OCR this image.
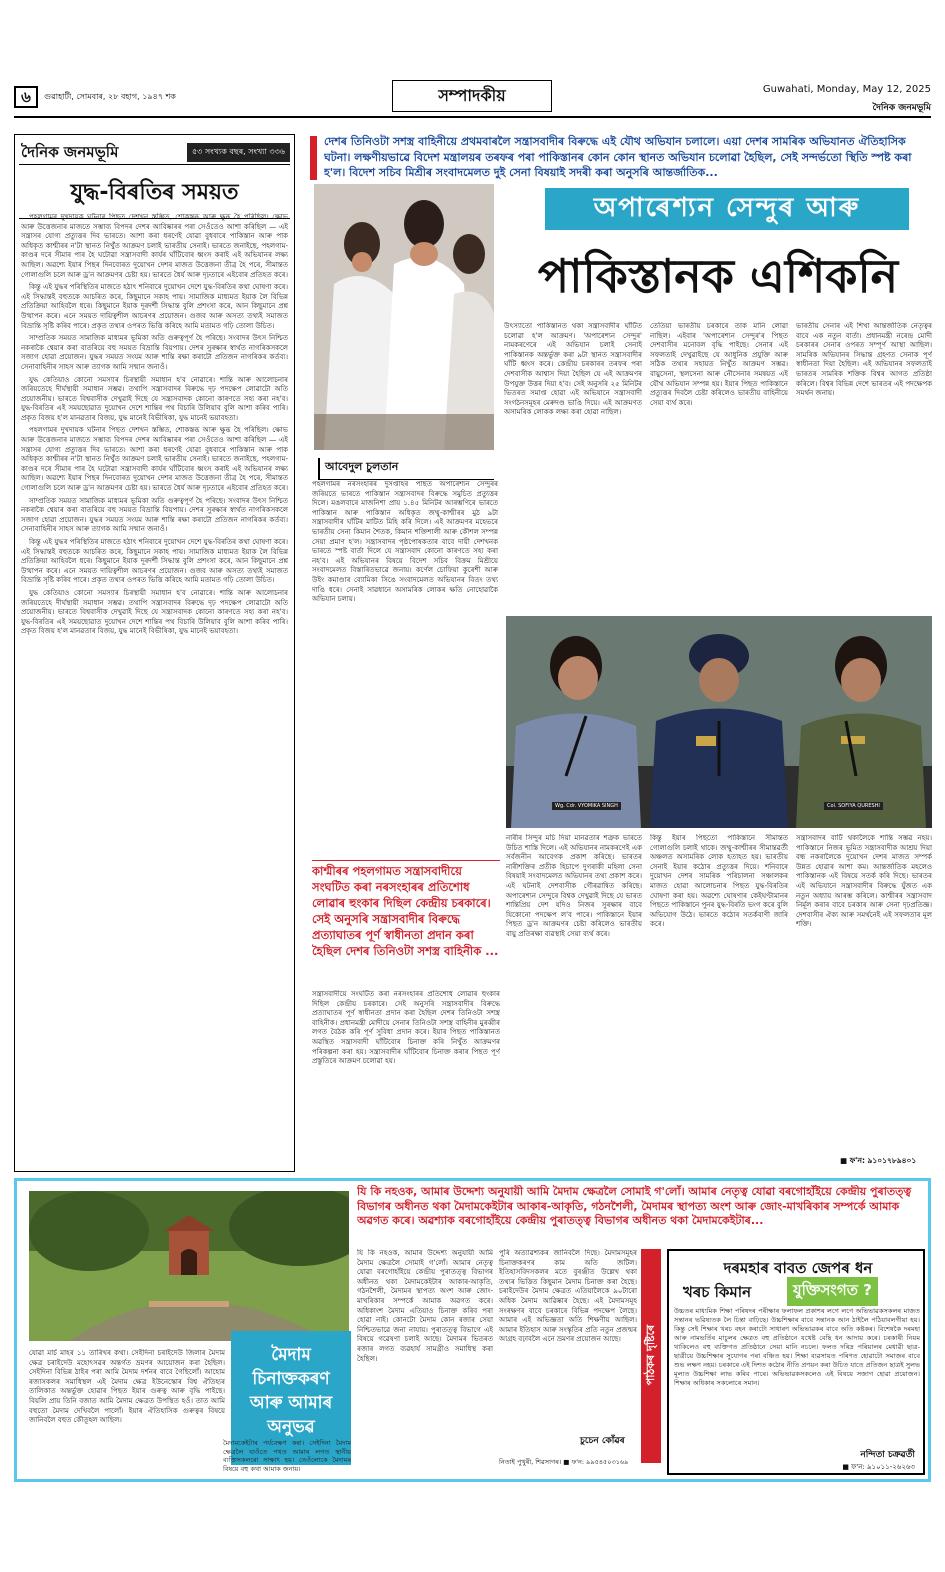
৬	গুৱাহাটী, সোমবাৰ, ২৮ বহাগ, ১৯৪৭ শক	সম্পাদকীয়	Guwahati, Monday, May 12, 2025
দৈনিক জনমভূমি
দৈনিক জনমভূমি	৫৩ সংখ্যক বছৰ, সংখ্যা ৩৩৬
যুদ্ধ-বিৰতিৰ সময়ত

পহলগামৰ দুখদায়ক ঘটনাৰ পিছত দেশখন স্তম্ভিত, শোকস্তব্ধ আৰু ক্ষুব্ধ হৈ পৰিছিল। ক্ষোভ আৰু উত্তেজনাৰ মাজতে সম্ভাব্য বিপদৰ দেশৰ আবিষ্কাৰৰ পৰা সেওঁতেও আশা কৰিছিল — এই সন্ত্ৰাসৰ যোগ্য প্ৰত্যুত্তৰ দিব ভাৰতে। আশা কৰা ধৰণেই যোৱা বুধবাৰে পাকিস্তান আৰু পাক অধিকৃত কাশ্মীৰৰ ন'টা স্থানত নিৰ্খুঁত আক্ৰমণ চলাই ভাৰতীয় সেনাই। ভাৰতে জনাইছে, পহলগাম-কাণ্ডৰ দৰে সীমাৰ পাৰ হৈ ঘটোৱা সন্ত্ৰাসবাদী কাৰ্যৰ ঘাঁটিবোৰ ধ্বংস কৰাই এই অভিযানৰ লক্ষ্য আছিল। অৱশ্যে ইয়াৰ পিছৰ দিনবোৰত দুয়োখন দেশৰ মাজত উত্তেজনা তীব্ৰ হৈ পৰে, সীমান্তত গোলাগুলি চলে আৰু ড্ৰ'ন আক্ৰমণৰ চেষ্টা হয়। ভাৰতে ধৈৰ্য আৰু দৃঢ়তাৰে এইবোৰ প্ৰতিহত কৰে।

কিন্তু এই যুদ্ধৰ পৰিস্থিতিৰ মাজতে হঠাৎ শনিবাৰে দুয়োখন দেশে যুদ্ধ-বিৰতিৰ কথা ঘোষণা কৰে। এই সিদ্ধান্তই বহুতকে আচৰিত কৰে, কিছুমানে সকাহ পায়। সামাজিক মাধ্যমত ইয়াক লৈ বিভিন্ন প্ৰতিক্ৰিয়া আহিবলৈ ধৰে। কিছুমানে ইয়াক দূৰদৰ্শী সিদ্ধান্ত বুলি প্ৰশংসা কৰে, আন কিছুমানে প্ৰশ্ন উত্থাপন কৰে। এনে সময়ত দায়িত্বশীল আচৰণৰ প্ৰয়োজন। গুজব আৰু অসত্য তথ্যই সমাজত বিভ্ৰান্তি সৃষ্টি কৰিব পাৰে। প্ৰকৃত তথ্যৰ ওপৰত ভিত্তি কৰিহে আমি মতামত গঢ়ি তোলা উচিত।

সাম্প্ৰতিক সময়ত সামাজিক মাধ্যমৰ ভূমিকা অতি গুৰুত্বপূৰ্ণ হৈ পৰিছে। সংবাদৰ উৎস নিশ্চিত নকৰাকৈ শ্বেয়াৰ কৰা বাতৰিয়ে বহু সময়ত বিভ্ৰান্তি বিয়পায়। দেশৰ সুৰক্ষাৰ স্বাৰ্থত নাগৰিকসকলে সজাগ হোৱা প্ৰয়োজন। যুদ্ধৰ সময়ত সংযম আৰু শান্তি ৰক্ষা কৰাটো প্ৰতিজন নাগৰিকৰ কৰ্তব্য। সেনাবাহিনীৰ সাহস আৰু ত্যাগক আমি সন্মান জনাওঁ।

যুদ্ধ কেতিয়াও কোনো সমস্যাৰ চিৰস্থায়ী সমাধান হ'ব নোৱাৰে। শান্তি আৰু আলোচনাৰ জৰিয়তেহে দীৰ্ঘস্থায়ী সমাধান সম্ভৱ। তথাপি সন্ত্ৰাসবাদৰ বিৰুদ্ধে দৃঢ় পদক্ষেপ লোৱাটো অতি প্ৰয়োজনীয়। ভাৰতে বিশ্ববাসীক দেখুৱাই দিছে যে সন্ত্ৰাসবাদক কোনো কাৰণতে সহ্য কৰা নহ'ব। যুদ্ধ-বিৰতিৰ এই সময়ছোৱাত দুয়োখন দেশে শান্তিৰ পথ বিচাৰি উলিয়াব বুলি আশা কৰিব পাৰি। প্ৰকৃত বিজয় হ'ল মানৱতাৰ বিজয়, যুদ্ধ মানেই বিভীষিকা, যুদ্ধ মানেই ভয়াবহতা।

পহলগামৰ দুখদায়ক ঘটনাৰ পিছত দেশখন স্তম্ভিত, শোকস্তব্ধ আৰু ক্ষুব্ধ হৈ পৰিছিল। ক্ষোভ আৰু উত্তেজনাৰ মাজতে সম্ভাব্য বিপদৰ দেশৰ আবিষ্কাৰৰ পৰা সেওঁতেও আশা কৰিছিল — এই সন্ত্ৰাসৰ যোগ্য প্ৰত্যুত্তৰ দিব ভাৰতে। আশা কৰা ধৰণেই যোৱা বুধবাৰে পাকিস্তান আৰু পাক অধিকৃত কাশ্মীৰৰ ন'টা স্থানত নিৰ্খুঁত আক্ৰমণ চলাই ভাৰতীয় সেনাই। ভাৰতে জনাইছে, পহলগাম-কাণ্ডৰ দৰে সীমাৰ পাৰ হৈ ঘটোৱা সন্ত্ৰাসবাদী কাৰ্যৰ ঘাঁটিবোৰ ধ্বংস কৰাই এই অভিযানৰ লক্ষ্য আছিল। অৱশ্যে ইয়াৰ পিছৰ দিনবোৰত দুয়োখন দেশৰ মাজত উত্তেজনা তীব্ৰ হৈ পৰে, সীমান্তত গোলাগুলি চলে আৰু ড্ৰ'ন আক্ৰমণৰ চেষ্টা হয়। ভাৰতে ধৈৰ্য আৰু দৃঢ়তাৰে এইবোৰ প্ৰতিহত কৰে।

সাম্প্ৰতিক সময়ত সামাজিক মাধ্যমৰ ভূমিকা অতি গুৰুত্বপূৰ্ণ হৈ পৰিছে। সংবাদৰ উৎস নিশ্চিত নকৰাকৈ শ্বেয়াৰ কৰা বাতৰিয়ে বহু সময়ত বিভ্ৰান্তি বিয়পায়। দেশৰ সুৰক্ষাৰ স্বাৰ্থত নাগৰিকসকলে সজাগ হোৱা প্ৰয়োজন। যুদ্ধৰ সময়ত সংযম আৰু শান্তি ৰক্ষা কৰাটো প্ৰতিজন নাগৰিকৰ কৰ্তব্য। সেনাবাহিনীৰ সাহস আৰু ত্যাগক আমি সন্মান জনাওঁ।

কিন্তু এই যুদ্ধৰ পৰিস্থিতিৰ মাজতে হঠাৎ শনিবাৰে দুয়োখন দেশে যুদ্ধ-বিৰতিৰ কথা ঘোষণা কৰে। এই সিদ্ধান্তই বহুতকে আচৰিত কৰে, কিছুমানে সকাহ পায়। সামাজিক মাধ্যমত ইয়াক লৈ বিভিন্ন প্ৰতিক্ৰিয়া আহিবলৈ ধৰে। কিছুমানে ইয়াক দূৰদৰ্শী সিদ্ধান্ত বুলি প্ৰশংসা কৰে, আন কিছুমানে প্ৰশ্ন উত্থাপন কৰে। এনে সময়ত দায়িত্বশীল আচৰণৰ প্ৰয়োজন। গুজব আৰু অসত্য তথ্যই সমাজত বিভ্ৰান্তি সৃষ্টি কৰিব পাৰে। প্ৰকৃত তথ্যৰ ওপৰত ভিত্তি কৰিহে আমি মতামত গঢ়ি তোলা উচিত।

যুদ্ধ কেতিয়াও কোনো সমস্যাৰ চিৰস্থায়ী সমাধান হ'ব নোৱাৰে। শান্তি আৰু আলোচনাৰ জৰিয়তেহে দীৰ্ঘস্থায়ী সমাধান সম্ভৱ। তথাপি সন্ত্ৰাসবাদৰ বিৰুদ্ধে দৃঢ় পদক্ষেপ লোৱাটো অতি প্ৰয়োজনীয়। ভাৰতে বিশ্ববাসীক দেখুৱাই দিছে যে সন্ত্ৰাসবাদক কোনো কাৰণতে সহ্য কৰা নহ'ব। যুদ্ধ-বিৰতিৰ এই সময়ছোৱাত দুয়োখন দেশে শান্তিৰ পথ বিচাৰি উলিয়াব বুলি আশা কৰিব পাৰি। প্ৰকৃত বিজয় হ'ল মানৱতাৰ বিজয়, যুদ্ধ মানেই বিভীষিকা, যুদ্ধ মানেই ভয়াবহতা।

দেশৰ তিনিওটা সশস্ত্ৰ বাহিনীয়ে প্ৰথমবাৰলৈ সন্ত্ৰাসবাদীৰ বিৰুদ্ধে এই যৌথ অভিযান চলালে। এয়া দেশৰ সামৰিক অভিযানত ঐতিহাসিক ঘটনা। লক্ষণীয়ভাৱে বিদেশ মন্ত্ৰালয়ৰ তৰফৰ পৰা পাকিস্তানৰ কোন কোন স্থানত অভিযান চলোৱা হৈছিল, সেই সন্দৰ্ভতো স্থিতি স্পষ্ট কৰা হ'ল। বিদেশ সচিব মিশ্ৰীৰ সংবাদমেলত দুই সেনা বিষয়াই সদৰী কৰা অনুসৰি আন্তৰ্জাতিক...
অপাৰেশ্যন সেন্দুৰ আৰু
পাকিস্তানক এশিকনি
উৎস্যাতো পাকিস্তানত থকা সন্ত্ৰাসবাদীৰ ঘাঁটিত চলোৱা হ'ল আক্ৰমণ। 'অপাৰেশ্যন সেন্দুৰ' নামকৰণেৰে এই অভিযান চলাই সেনাই পাকিস্তানক অন্তৰ্ভুক্ত কৰা ৯টা স্থানত সন্ত্ৰাসবাদীৰ ঘাঁটি ধ্বংস কৰে। কেন্দ্ৰীয় চৰকাৰৰ তৰফৰ পৰা দেশবাসীক আশ্বাস দিয়া হৈছিল যে এই আক্ৰমণৰ উপযুক্ত উত্তৰ দিয়া হ'ব। সেই অনুসৰি ২৫ মিনিটৰ ভিতৰত সমাপ্ত হোৱা এই অভিযানে সন্ত্ৰাসবাদী সংগঠনসমূহৰ মেৰুদণ্ড ভাঙি দিয়ে। এই আক্ৰমণত অসামৰিক লোকক লক্ষ্য কৰা হোৱা নাছিল।
তেতিয়া ভাৰতীয় চৰকাৰে তাক মানি লোৱা নাছিল। এইবাৰ 'অপাৰেশ্যন সেন্দুৰ'ৰ পিছত দেশবাসীৰ মনোবল বৃদ্ধি পাইছে। সেনাৰ এই সফলতাই দেখুৱাইছে যে আধুনিক প্ৰযুক্তি আৰু সঠিক তথ্যৰ সহায়ত নিৰ্খুঁত আক্ৰমণ সম্ভৱ। বায়ুসেনা, স্থলসেনা আৰু নৌসেনাৰ সমন্বয়ত এই যৌথ অভিযান সম্পন্ন হয়। ইয়াৰ পিছত পাকিস্তানে প্ৰত্যুত্তৰ দিবলৈ চেষ্টা কৰিলেও ভাৰতীয় বাহিনীয়ে সেয়া ব্যৰ্থ কৰে।
ভাৰতীয় সেনাৰ এই শিখা আন্তৰ্জাতিক নেতৃত্বৰ বাবে এক নতুন বাৰ্তা। প্ৰধানমন্ত্ৰী নৰেন্দ্ৰ মোদী চৰকাৰৰ সেনাৰ ওপৰত সম্পূৰ্ণ আস্থা আছিল। সামৰিক অভিযানৰ সিদ্ধান্ত গ্ৰহণত সেনাক পূৰ্ণ স্বাধীনতা দিয়া হৈছিল। এই অভিযানৰ সফলতাই ভাৰতৰ সামৰিক শক্তিক বিশ্বৰ আগত প্ৰতিষ্ঠা কৰিলে। বিশ্বৰ বিভিন্ন দেশে ভাৰতৰ এই পদক্ষেপক সমৰ্থন জনায়।
আবেদুল চুলতান
পহলগামৰ নৰসংহাৰৰ দুসপ্তাহৰ পাছত অপাৰেশ্যন সেন্দুৰৰ জৰিয়তে ভাৰতে পাকিস্তান সন্ত্ৰাসবাদৰ বিৰুদ্ধে সমুচিত প্ৰত্যুত্তৰ দিলে। মঙলবাৰে মাজনিশা প্ৰায় ১.৪৫ মিনিটৰ আৰম্ভণিৰে ভাৰতে পাকিস্তান আৰু পাকিস্তান অধিকৃত জম্মু-কাশ্মীৰৰ মুঠ ৯টা সন্ত্ৰাসবাদীৰ ঘাঁটিৰ মাটিত মিহি কৰি দিলে। এই আক্ৰমণৰ মহেভৰে ভাৰতীয় সেনা কিমান শৈতক, কিমান শক্তিশালী আৰু কৌশল সম্পন্ন সেয়া প্ৰমাণ হ'ল। সন্ত্ৰাসবাদৰ পৃষ্ঠপোষকতাৰ বাবে দায়ী দেশখনক ভাৰতে স্পষ্ট বাৰ্তা দিলে যে সন্ত্ৰাসবাদ কোনো কাৰণতে সহ্য কৰা নহ'ব। এই অভিযানৰ বিষয়ে বিদেশ সচিব বিক্ৰম মিশ্ৰীয়ে সংবাদমেলত বিস্তাৰিতভাৱে জনায়। কৰ্ণেল চোফিয়া কুৰেশী আৰু উইং কমাণ্ডাৰ ব্যোমিকা সিঙে সংবাদমেলত অভিযানৰ বিতং তথ্য দাঙি ধৰে। সেনাই সাৱধানে অসামৰিক লোকৰ ক্ষতি নোহোৱাকৈ অভিযান চলায়।
Wg. Cdr. VYOMIKA SINGH	Col. SOFIYA QURESHI
কাশ্মীৰৰ পহলগামত সন্ত্ৰাসবাদীয়ে সংঘটিত কৰা নৰসংহাৰৰ প্ৰতিশোধ লোৱাৰ হুংকাৰ দিছিল কেন্দ্ৰীয় চৰকাৰে। সেই অনুসৰি সন্ত্ৰাসবাদীৰ বিৰুদ্ধে প্ৰত্যাঘাতৰ পূৰ্ণ স্বাধীনতা প্ৰদান কৰা হৈছিল দেশৰ তিনিওটা সশস্ত্ৰ বাহিনীক ...
সন্ত্ৰাসবাদীয়ে সংঘটিত কৰা নৰসংহাৰৰ প্ৰতিশোধ লোৱাৰ হুংকাৰ দিছিল কেন্দ্ৰীয় চৰকাৰে। সেই অনুসৰি সন্ত্ৰাসবাদীৰ বিৰুদ্ধে প্ৰত্যাঘাতৰ পূৰ্ণ স্বাধীনতা প্ৰদান কৰা হৈছিল দেশৰ তিনিওটা সশস্ত্ৰ বাহিনীক। প্ৰধানমন্ত্ৰী মোদীয়ে সেনাৰ তিনিওটা সশস্ত্ৰ বাহিনীৰ মুৰব্বীৰ লগত বৈঠক কৰি পূৰ্ণ সুবিধা প্ৰদান কৰে। ইয়াৰ পিছত পাকিস্তানত অৱস্থিত সন্ত্ৰাসবাদী ঘাঁটিবোৰ চিনাক্ত কৰি নিৰ্খুঁত আক্ৰমণৰ পৰিকল্পনা কৰা হয়। সন্ত্ৰাসবাদীৰ ঘাঁটিবোৰ চিনাক্ত কৰাৰ পিছত পূৰ্ণ প্ৰস্তুতিৰে আক্ৰমণ চলোৱা হয়।
নাৰীৰ সিন্দুৰ মচি দিয়া মানৱতাৰ শত্ৰুক ভাৰতে উচিত শাস্তি দিলে। এই অভিযানৰ নামকৰণেই এক সৰ্বজনীন আবেগক প্ৰকাশ কৰিছে। ভাৰতৰ নাৰীশক্তিৰ প্ৰতীক হিচাপে দুগৰাকী মহিলা সেনা বিষয়াই সংবাদমেলত অভিযানৰ তথ্য প্ৰকাশ কৰে। এই ঘটনাই দেশবাসীক গৌৰৱান্বিত কৰিছে। অপাৰেশ্যন সেন্দুৰে বিশ্বক দেখুৱাই দিছে যে ভাৰত শান্তিপ্ৰিয় দেশ যদিও নিজৰ সুৰক্ষাৰ বাবে যিকোনো পদক্ষেপ ল'ব পাৰে। পাকিস্তানে ইয়াৰ পিছত ড্ৰ'ন আক্ৰমণৰ চেষ্টা কৰিলেও ভাৰতীয় বায়ু প্ৰতিৰক্ষা ব্যৱস্থাই সেয়া ব্যৰ্থ কৰে।
কিন্তু ইয়াৰ পিছতো পাকিস্তানে সীমান্তত গোলাগুলি চলাই থাকে। জম্মু-কাশ্মীৰৰ সীমান্তৱৰ্তী অঞ্চলত অসামৰিক লোক হতাহত হয়। ভাৰতীয় সেনাই ইয়াৰ কঠোৰ প্ৰত্যুত্তৰ দিয়ে। শনিবাৰে দুয়োখন দেশৰ সামৰিক পৰিচালনা সঞ্চালকৰ মাজত হোৱা আলোচনাৰ পিছত যুদ্ধ-বিৰতিৰ ঘোষণা কৰা হয়। অৱশ্যে ঘোষণাৰ কেইঘণ্টামানৰ পিছতে পাকিস্তানে পুনৰ যুদ্ধ-বিৰতি ভংগ কৰে বুলি অভিযোগ উঠে। ভাৰতে কঠোৰ সতৰ্কবাণী জাৰি কৰে।
সন্ত্ৰাসবাদৰ বাটি থকালৈকে শান্তি সম্ভৱ নহয়। পাকিস্তানে নিজৰ ভূমিত সন্ত্ৰাসবাদীক আশ্ৰয় দিয়া বন্ধ নকৰালৈকে দুয়োখন দেশৰ মাজত সম্পৰ্ক উন্নত হোৱাৰ আশা কম। আন্তৰ্জাতিক মহলেও পাকিস্তানক এই বিষয়ে সতৰ্ক কৰি দিছে। ভাৰতৰ এই অভিযানে সন্ত্ৰাসবাদীৰ বিৰুদ্ধে যুঁজত এক নতুন অধ্যায় আৰম্ভ কৰিলে। কাশ্মীৰৰ সন্ত্ৰাসবাদ নিৰ্মূল কৰাৰ বাবে চৰকাৰ আৰু সেনা দৃঢ়প্ৰতিজ্ঞ। দেশবাসীৰ ঐক্য আৰু সমৰ্থনেই এই সফলতাৰ মূল শক্তি।
■ ফ'ন: ৯১০১৭৮৯৪০১
যি কি নহওক, আমাৰ উদ্দেশ্য অনুযায়ী আমি মৈদাম ক্ষেত্ৰলৈ সোমাই গ'লোঁ। আমাৰ নেতৃত্ব যোৱা বৰগোহাঁইয়ে কেন্দ্ৰীয় পুৰাতত্ত্ব বিভাগৰ অধীনত থকা মৈদামকেইটাৰ আকাৰ-আকৃতি, গঠনশৈলী, মৈদামৰ স্থাপত্য অংশ আৰু জোং-মাখৰিকাৰ সম্পৰ্কে আমাক অৱগত কৰে। অৱশ্যাক বৰগোহাঁইয়ে কেন্দ্ৰীয় পুৰাতত্ত্ব বিভাগৰ অধীনত থকা মৈদামকেইটাৰ...
মৈদাম চিনাক্তকৰণ আৰু আমাৰ অনুভৱ
যোৱা মাৰ্চ মাহৰ ১১ তাৰিখৰ কথা। সেইদিনা চৰাইদেউ জিলাৰ মৈদাম ক্ষেত্ৰ চৰাইদেউ মহোৎসৱৰ অন্তৰ্গত ভ্ৰমণৰ আয়োজন কৰা হৈছিল। সেইদিনা বিভিন্ন ঠাইৰ পৰা আমি মৈদাম দৰ্শনৰ বাবে গৈছিলোঁ। আহোম ৰজাসকলৰ সমাধিস্থল এই মৈদাম ক্ষেত্ৰ ইউনেস্কোৰ বিশ্ব ঐতিহ্যৰ তালিকাত অন্তৰ্ভুক্ত হোৱাৰ পিছত ইয়াৰ গুৰুত্ব আৰু বৃদ্ধি পাইছে। বিয়লি প্ৰায় তিনি বজাত আমি মৈদাম ক্ষেত্ৰত উপস্থিত হওঁ। তাত আমি বহুতো মৈদাম দেখিবলৈ পালোঁ। ইয়াৰ ঐতিহাসিক গুৰুত্বৰ বিষয়ে জানিবলৈ বহুত কৌতূহল আছিল।
মৈদামকেইটাৰ পৰ্যবেক্ষণ কৰা। সেইদিনা মৈদাম ক্ষেত্ৰলৈ যাওঁতে পথত আমাৰ লগত স্থানীয় ব্যক্তিসকলৰো সাক্ষাৎ হয়। তেওঁলোকে মৈদামৰ বিষয়ে বহু কথা আমাক জনায়।
যি কি নহওক, আমাৰ উদ্দেশ্য অনুযায়ী আমি মৈদাম ক্ষেত্ৰলৈ সোমাই গ'লোঁ। আমাৰ নেতৃত্ব যোৱা বৰগোহাঁইয়ে কেন্দ্ৰীয় পুৰাতত্ত্ব বিভাগৰ অধীনত থকা মৈদামকেইটাৰ আকাৰ-আকৃতি, গঠনশৈলী, মৈদামৰ স্থাপত্য অংশ আৰু জোং-মাখৰিকাৰ সম্পৰ্কে আমাক অৱগত কৰে। অধিকাংশ মৈদাম এতিয়াও চিনাক্ত কৰিব পৰা হোৱা নাই। কোনটো মৈদাম কোন ৰজাৰ সেয়া নিশ্চিতভাৱে জনা নাযায়। পুৰাতত্ত্ব বিভাগে এই বিষয়ে গৱেষণা চলাই আছে। মৈদামৰ ভিতৰত ৰজাৰ লগত ব্যৱহাৰ্য সামগ্ৰীও সমাধিস্থ কৰা হৈছিল।
পুৰি অত্যাৱশ্যকৰ জানিবলৈ দিছে। মৈদামসমূহৰ চিনাক্তকৰণৰ কাম অতি জটিল। ইতিহাসবিদসকলৰ মতে বুৰঞ্জীত উল্লেখ থকা তথ্যৰ ভিত্তিত কিছুমান মৈদাম চিনাক্ত কৰা হৈছে। চৰাইদেউৰ মৈদাম ক্ষেত্ৰত এতিয়ালৈকে ৯০টাৰো অধিক মৈদাম আৱিষ্কাৰ হৈছে। এই মৈদামসমূহ সংৰক্ষণৰ বাবে চৰকাৰে বিভিন্ন পদক্ষেপ লৈছে। আমাৰ এই অভিজ্ঞতা অতি শিক্ষণীয় আছিল। আমাৰ ইতিহাস আৰু সংস্কৃতিৰ প্ৰতি নতুন প্ৰজন্মৰ আগ্ৰহ বঢ়াবলৈ এনে ভ্ৰমণৰ প্ৰয়োজন আছে।
চুচেন কোঁৱৰ
নিতাই পুখুৰী, শিৱসাগৰ। ■ ফ'ন: ৯৯৫৪৫০৩১৬৯
পাঠকৰ দৃষ্টিৰে
দৰমহাৰ বাবত জেপৰ ধন
খৰচ কিমান	যুক্তিসংগত ?
উচ্চতৰ মাধ্যমিক শিক্ষা পৰিষদৰ পৰীক্ষাৰ ফলাফল প্ৰকাশৰ লগে লগে অভিভাৱকসকলৰ মাজত সন্তানৰ ভৱিষ্যতক লৈ চিন্তা বাঢ়িছে। উচ্চশিক্ষাৰ বাবে সন্তানক আন ঠাইলৈ পঠিয়াবলগীয়া হয়। কিন্তু সেই শিক্ষাৰ খৰচ বহন কৰাটো সাধাৰণ অভিভাৱকৰ বাবে অতি কষ্টকৰ। বিশেষকৈ দৰমহা আৰু নামভৰ্তিৰ মাচুলৰ ক্ষেত্ৰত বহু প্ৰতিষ্ঠানে যথেষ্ট বেছি ধন আদায় কৰে। চৰকাৰী নিয়ম থাকিলেও বহু ব্যক্তিগত প্ৰতিষ্ঠানে সেয়া মানি নচলে। ফলত দৰিদ্ৰ পৰিয়ালৰ মেধাৱী ছাত্ৰ-ছাত্ৰীয়ে উচ্চশিক্ষাৰ সুযোগৰ পৰা বঞ্চিত হয়। শিক্ষা ব্যৱসায়ত পৰিণত হোৱাটো সমাজৰ বাবে শুভ লক্ষণ নহয়। চৰকাৰে এই দিশত কঠোৰ নীতি প্ৰণয়ন কৰা উচিত যাতে প্ৰতিজন ছাত্ৰই সুলভ মূল্যত উচ্চশিক্ষা লাভ কৰিব পাৰে। অভিভাৱকসকলেও এই বিষয়ে সজাগ হোৱা প্ৰয়োজন। শিক্ষাৰ অধিকাৰ সকলোৰে সমান।
নন্দিতা চক্ৰৱৰ্তী
■ ফ'ন: ৯১০১১-২৬২৬৩
